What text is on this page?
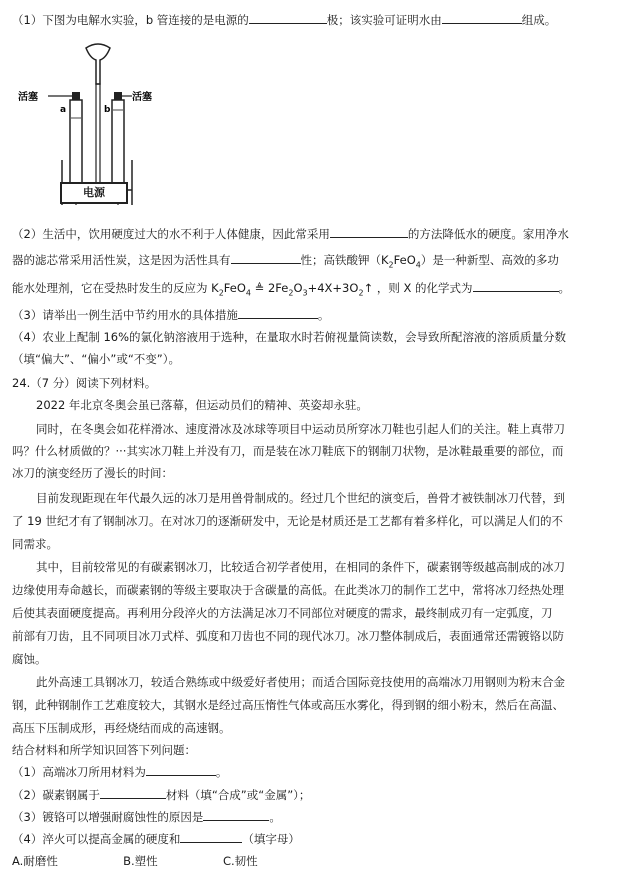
（1）下图为电解水实验，b 管连接的是电源的	极；该实验可证明水由	组成。
活塞	活塞
a	b
电源
（2）生活中，饮用硬度过大的水不利于人体健康，因此常采用	的方法降低水的硬度。家用净水
器的滤芯常采用活性炭，这是因为活性具有	性；高铁酸钾$(K_2FeO_4)$是一种新型、高效的多功
能水处理剂，它在受热时发生的反应为 $K_2FeO_4$ ≜ $2Fe_2O_3+4X+3O_2↑$ ，则 X 的化学式为	。
（3）请举出一例生活中节约用水的具体措施	。
（4）农业上配制 16%的氯化钠溶液用于选种，在量取水时若俯视量筒读数，会导致所配溶液的溶质质量分数
（填“偏大”、“偏小”或“不变”）。
24.（7 分）阅读下列材料。
2022 年北京冬奥会虽已落幕，但运动员们的精神、英姿却永驻。
同时，在冬奥会如花样滑冰、速度滑冰及冰球等项目中运动员所穿冰刀鞋也引起人们的关注。鞋上真带刀
吗？什么材质做的？···其实冰刀鞋上并没有刀，而是装在冰刀鞋底下的钢制刀状物，是冰鞋最重要的部位，而
冰刀的演变经历了漫长的时间：
目前发现距现在年代最久远的冰刀是用兽骨制成的。经过几个世纪的演变后，兽骨才被铁制冰刀代替，到
了 19 世纪才有了钢制冰刀。在对冰刀的逐渐研发中，无论是材质还是工艺都有着多样化，可以满足人们的不
同需求。
其中，目前较常见的有碳素钢冰刀，比较适合初学者使用，在相同的条件下，碳素钢等级越高制成的冰刀
边缘使用寿命越长，而碳素钢的等级主要取决于含碳量的高低。在此类冰刀的制作工艺中，常将冰刀经热处理
后使其表面硬度提高。再利用分段淬火的方法满足冰刀不同部位对硬度的需求，最终制成刃有一定弧度，刀
前部有刀齿，且不同项目冰刀式样、弧度和刀齿也不同的现代冰刀。冰刀整体制成后，表面通常还需镀铬以防
腐蚀。
此外高速工具钢冰刀，较适合熟练或中级爱好者使用；而适合国际竞技使用的高端冰刀用钢则为粉末合金
钢，此种钢制作工艺难度较大，其钢水是经过高压惰性气体或高压水雾化，得到钢的细小粉末，然后在高温、
高压下压制成形，再经烧结而成的高速钢。
结合材料和所学知识回答下列问题：
（1）高端冰刀所用材料为	。
（2）碳素钢属于	材料（填“合成”或“金属”）；
（3）镀铬可以增强耐腐蚀性的原因是	。
（4）淬火可以提高金属的硬度和	（填字母）
A.耐磨性	B.塑性	C.韧性
